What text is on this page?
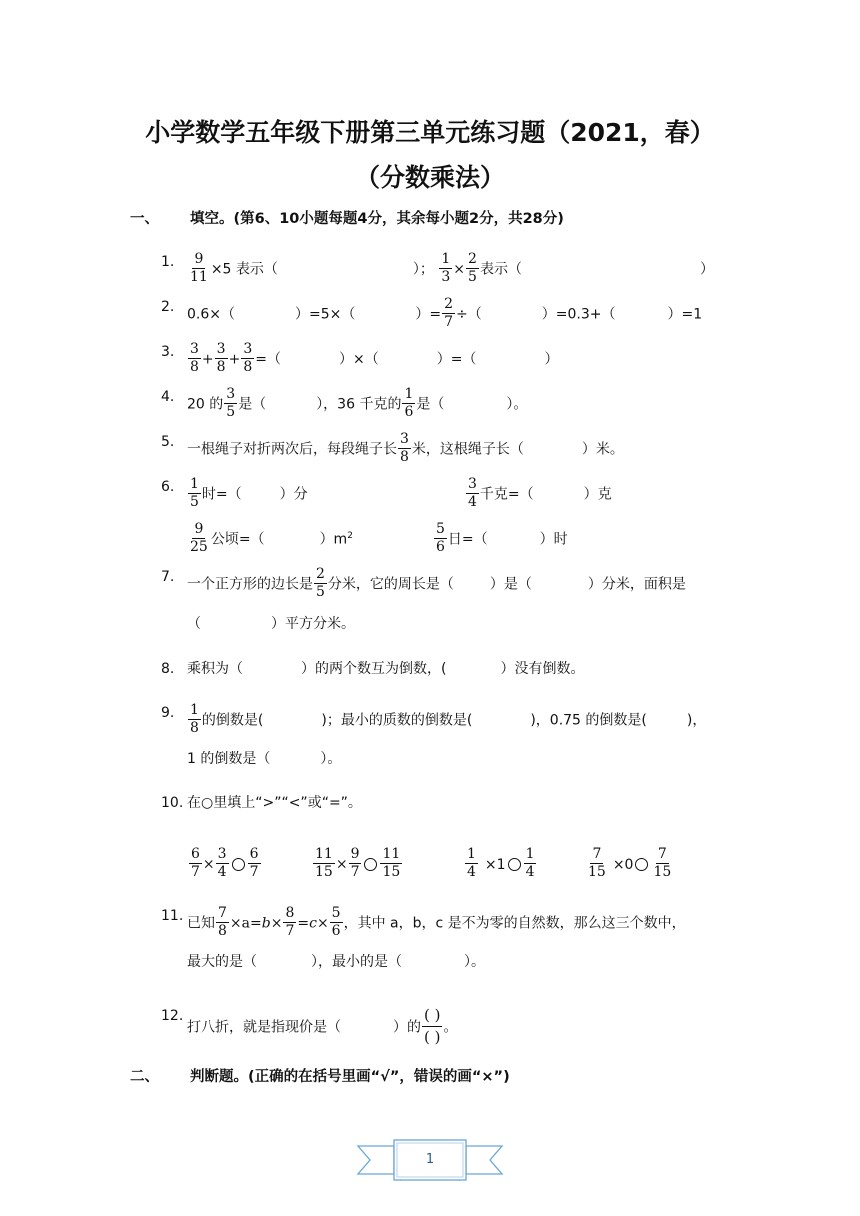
小学数学五年级下册第三单元练习题（2021，春）
（分数乘法）
一、 填空。(第6、10小题每题4分，其余每小题2分，共28分)
1. $\frac{9}{11} \times 5$ 表示（	）； $\frac{1}{3} \times \frac{2}{5}$ 表示（	）
2. 0.6×（	）=5×（	）= $\frac{2}{7}$ ÷（	）=0.3+（	）=1
3. $\frac{3}{8} + \frac{3}{8} + \frac{3}{8}$ =（	）×（	）=（	）
4. 20 的 $\frac{3}{5}$ 是（	），36 千克的 $\frac{1}{6}$ 是（	）。
5. 一根绳子对折两次后，每段绳子长 $\frac{3}{8}$ 米，这根绳子长（	）米。
6. $\frac{1}{5}$ 时=（	）分	$\frac{3}{4}$ 千克=（	）克
$\frac{9}{25}$ 公顷=（	）$m^2$	$\frac{5}{6}$ 日=（	）时
7. 一个正方形的边长是 $\frac{2}{5}$ 分米，它的周长是（	）是（	）分米，面积是
（	）平方分米。
8. 乘积为（	）的两个数互为倒数，(	）没有倒数。
9. $\frac{1}{8}$ 的倒数是(	)；最小的质数的倒数是(	)，0.75 的倒数是(	)，
1 的倒数是（	）。
10. 在○里填上“>”“<”或“=”。
$\frac{6}{7} \times \frac{3}{4} \frac{6}{7}$	$\frac{11}{15} \times \frac{9}{7} \frac{11}{15}$	$\frac{1}{4} \times 1 \frac{1}{4}$	$\frac{7}{15} \times 0 \frac{7}{15}$
11. 已知 $\frac{7}{8} \times a=b\times \frac{8}{7} =c\times \frac{5}{6}$ ，其中 a，b，c 是不为零的自然数，那么这三个数中，
最大的是（	），最小的是（	）。
12.
打八折，就是指现价是（	）的 $\frac{( )}{( )}$ 。
二、 判断题。(正确的在括号里画“√”，错误的画“×”)
1
